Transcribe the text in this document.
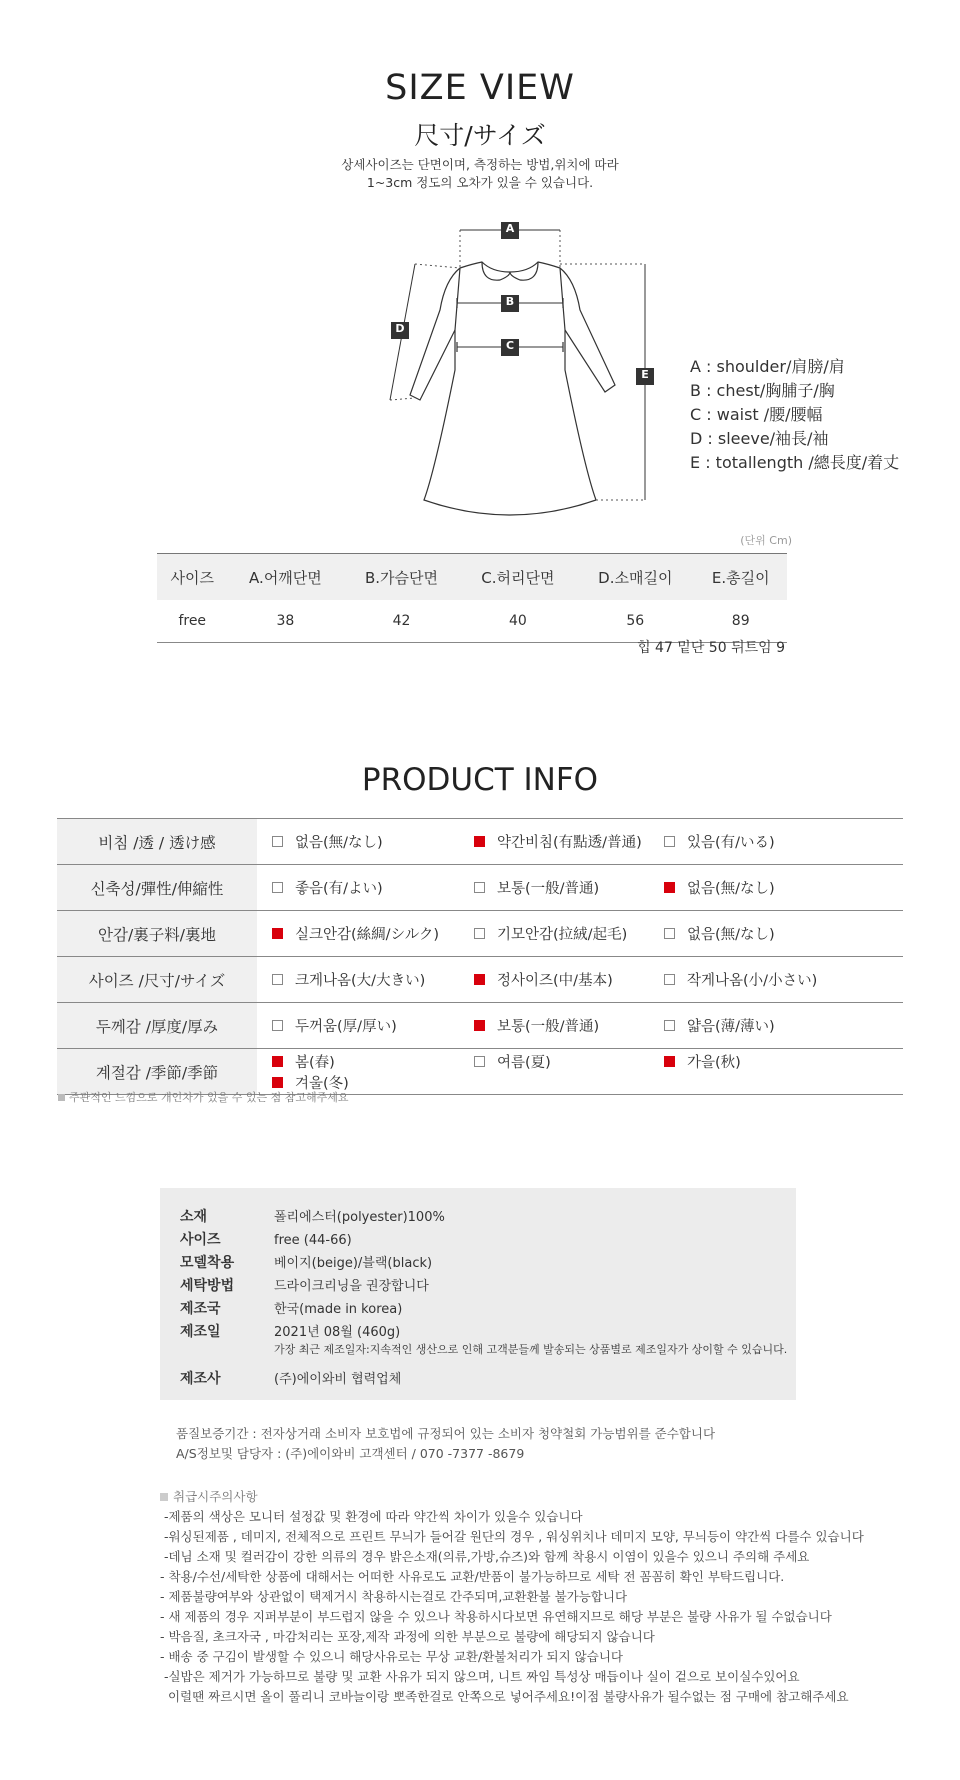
SIZE VIEW
尺寸/サイズ
상세사이즈는 단면이며, 측정하는 방법,위치에 따라
1~3cm 정도의 오차가 있을 수 있습니다.
A
B
C
D
E	A : shoulder/肩膀/肩
B : chest/胸脯子/胸
C : waist /腰/腰幅
D : sleeve/袖長/袖
E : totallength /總長度/着丈
(단위 Cm)
사이즈	A.어깨단면	B.가슴단면	C.허리단면	D.소매길이	E.총길이
free	38	42	40	56	89
힙 47 밑단 50 뒤트임 9
PRODUCT INFO
비침 /透 / 透け感	없음(無/なし) 약간비침(有點透/普通) 있음(有/いる)

신축성/彈性/伸縮性	좋음(有/よい) 보통(一般/普通) 없음(無/なし)

안감/裏子料/裏地	실크안감(絲綢/シルク) 기모안감(拉絨/起毛) 없음(無/なし)

사이즈 /尺寸/サイズ	크게나옴(大/大きい) 정사이즈(中/基本) 작게나옴(小/小さい)

두께감 /厚度/厚み	두꺼움(厚/厚い) 보통(一般/普通) 얇음(薄/薄い)

계절감 /季節/季節	봄(春) 여름(夏) 가을(秋)
겨울(冬)
주관적인 느낌으로 개인차가 있을 수 있는 점 참고해주세요
소재	폴리에스터(polyester)100%
사이즈	free (44-66)
모델착용	베이지(beige)/블랙(black)
세탁방법	드라이크리닝을 권장합니다
제조국	한국(made in korea)
제조일	2021년 08월 (460g)
가장 최근 제조일자:지속적인 생산으로 인해 고객분들께 발송되는 상품별로 제조일자가 상이할 수 있습니다.
제조사	(주)에이와비 협력업체
품질보증기간 : 전자상거래 소비자 보호법에 규정되어 있는 소비자 청약철회 가능범위를 준수합니다
A/S정보및 담당자 : (주)에이와비 고객센터 / 070 -7377 -8679
취급시주의사항
-제품의 색상은 모니터 설정값 및 환경에 따라 약간씩 차이가 있을수 있습니다
-워싱된제품 , 데미지, 전체적으로 프린트 무늬가 들어갈 원단의 경우 , 워싱위치나 데미지 모양, 무늬등이 약간씩 다를수 있습니다
-데님 소재 및 컬러감이 강한 의류의 경우 밝은소재(의류,가방,슈즈)와 함께 착용시 이염이 있을수 있으니 주의해 주세요
- 착용/수선/세탁한 상품에 대해서는 어떠한 사유로도 교환/반품이 불가능하므로 세탁 전 꼼꼼히 확인 부탁드립니다.
- 제품불량여부와 상관없이 택제거시 착용하시는걸로 간주되며,교환환불 불가능합니다
- 새 제품의 경우 지퍼부분이 부드럽지 않을 수 있으나 착용하시다보면 유연해지므로 해당 부분은 불량 사유가 될 수없습니다
- 박음질, 초크자국 , 마감처리는 포장,제작 과정에 의한 부분으로 불량에 해당되지 않습니다
- 배송 중 구김이 발생할 수 있으니 해당사유로는 무상 교환/환불처리가 되지 않습니다
-실밥은 제거가 가능하므로 불량 및 교환 사유가 되지 않으며, 니트 짜임 특성상 매듭이나 실이 겉으로 보이실수있어요
이럴땐 짜르시면 올이 풀리니 코바늘이랑 뽀족한걸로 안쪽으로 넣어주세요!이점 불량사유가 될수없는 점 구매에 참고해주세요
